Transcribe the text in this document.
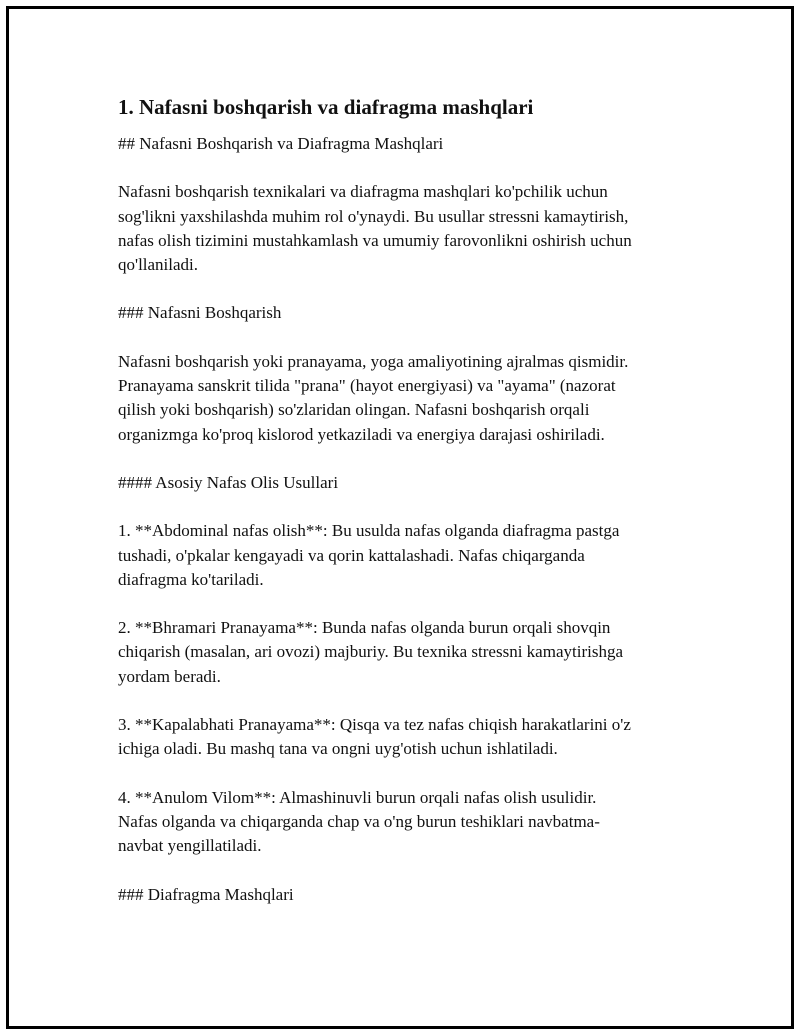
1. Nafasni boshqarish va diafragma mashqlari

## Nafasni Boshqarish va Diafragma Mashqlari

Nafasni boshqarish texnikalari va diafragma mashqlari ko'pchilik uchun
sog'likni yaxshilashda muhim rol o'ynaydi. Bu usullar stressni kamaytirish,
nafas olish tizimini mustahkamlash va umumiy farovonlikni oshirish uchun
qo'llaniladi.

### Nafasni Boshqarish

Nafasni boshqarish yoki pranayama, yoga amaliyotining ajralmas qismidir.
Pranayama sanskrit tilida "prana" (hayot energiyasi) va "ayama" (nazorat
qilish yoki boshqarish) so'zlaridan olingan. Nafasni boshqarish orqali
organizmga ko'proq kislorod yetkaziladi va energiya darajasi oshiriladi.

#### Asosiy Nafas Olis Usullari

1. **Abdominal nafas olish**: Bu usulda nafas olganda diafragma pastga
tushadi, o'pkalar kengayadi va qorin kattalashadi. Nafas chiqarganda
diafragma ko'tariladi.

2. **Bhramari Pranayama**: Bunda nafas olganda burun orqali shovqin
chiqarish (masalan, ari ovozi) majburiy. Bu texnika stressni kamaytirishga
yordam beradi.

3. **Kapalabhati Pranayama**: Qisqa va tez nafas chiqish harakatlarini o'z
ichiga oladi. Bu mashq tana va ongni uyg'otish uchun ishlatiladi.

4. **Anulom Vilom**: Almashinuvli burun orqali nafas olish usulidir.
Nafas olganda va chiqarganda chap va o'ng burun teshiklari navbatma-
navbat yengillatiladi.

### Diafragma Mashqlari
